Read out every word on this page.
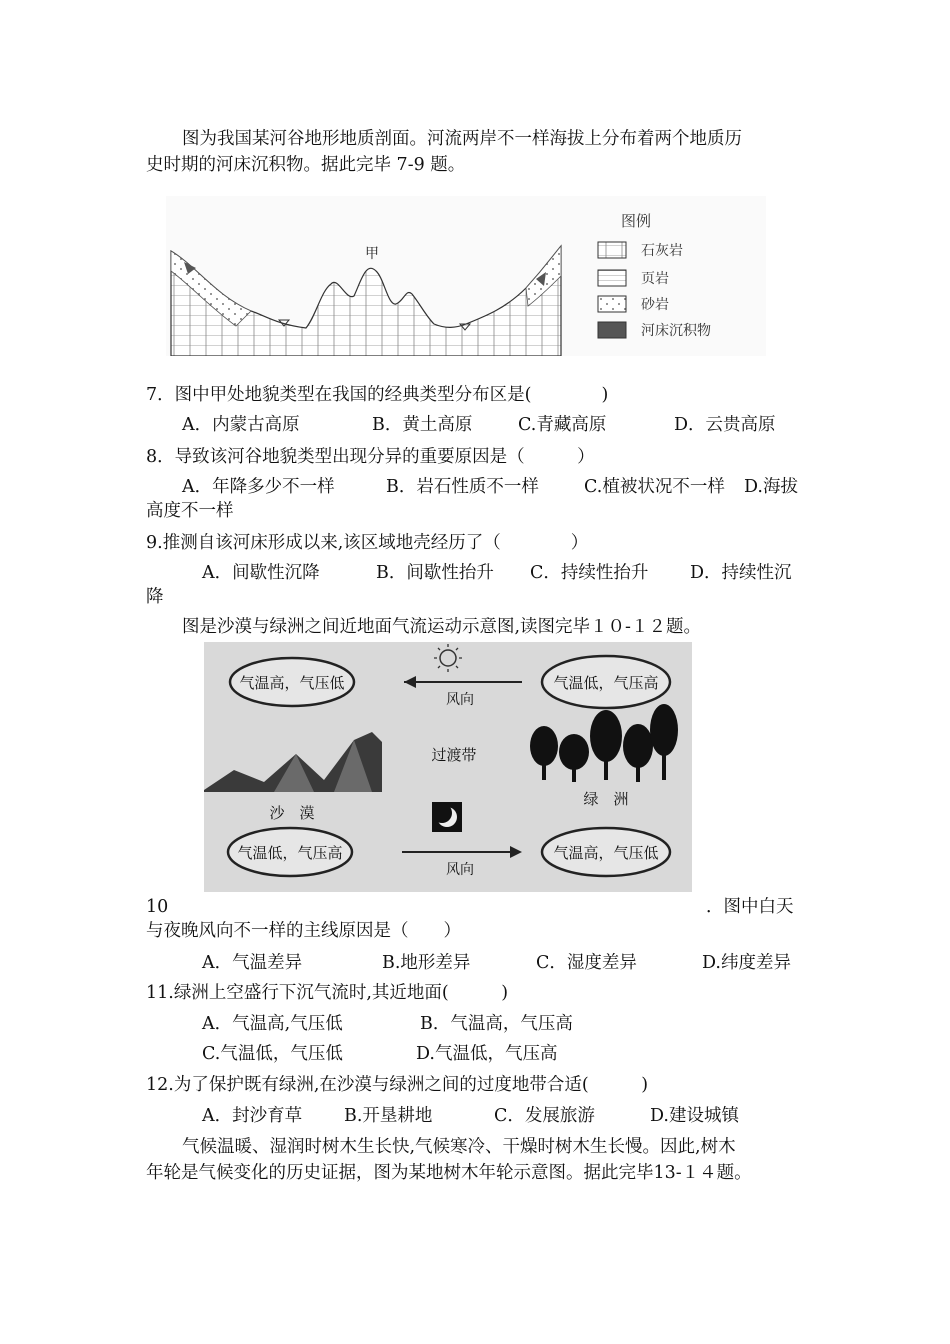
图为我国某河谷地形地质剖面。河流两岸不一样海拔上分布着两个地质历
史时期的河床沉积物。据此完毕 7-9 题。
甲
图例
石灰岩
页岩
砂岩
河床沉积物
7．图中甲处地貌类型在我国的经典类型分布区是(　　　　)
A．内蒙古高原	B．黄土高原	C.青藏高原	D．云贵高原
8．导致该河谷地貌类型出现分异的重要原因是（　　　）
A．年降多少不一样	B．岩石性质不一样	C.植被状况不一样 D.海拔
高度不一样
9.推测自该河床形成以来,该区域地壳经历了（　　　　）
A．间歇性沉降	B．间歇性抬升 C．持续性抬升 D．持续性沉
降
图是沙漠与绿洲之间近地面气流运动示意图,读图完毕１０-１２题。
气温高，气压低	气温低，气压高
风向
过渡带
沙　漠
绿　洲
气温低，气压高	气温高，气压低
风向
10	．图中白天
与夜晚风向不一样的主线原因是（　　）
A．气温差异	B.地形差异	C．湿度差异	D.纬度差异
11.绿洲上空盛行下沉气流时,其近地面(　　　)
A．气温高,气压低	B．气温高，气压高
C.气温低，气压低	D.气温低，气压高
12.为了保护既有绿洲,在沙漠与绿洲之间的过度地带合适(　　　)
A．封沙育草 B.开垦耕地	C．发展旅游	D.建设城镇
气候温暖、湿润时树木生长快,气候寒冷、干燥时树木生长慢。因此,树木
年轮是气候变化的历史证据，图为某地树木年轮示意图。据此完毕13-１４题。
